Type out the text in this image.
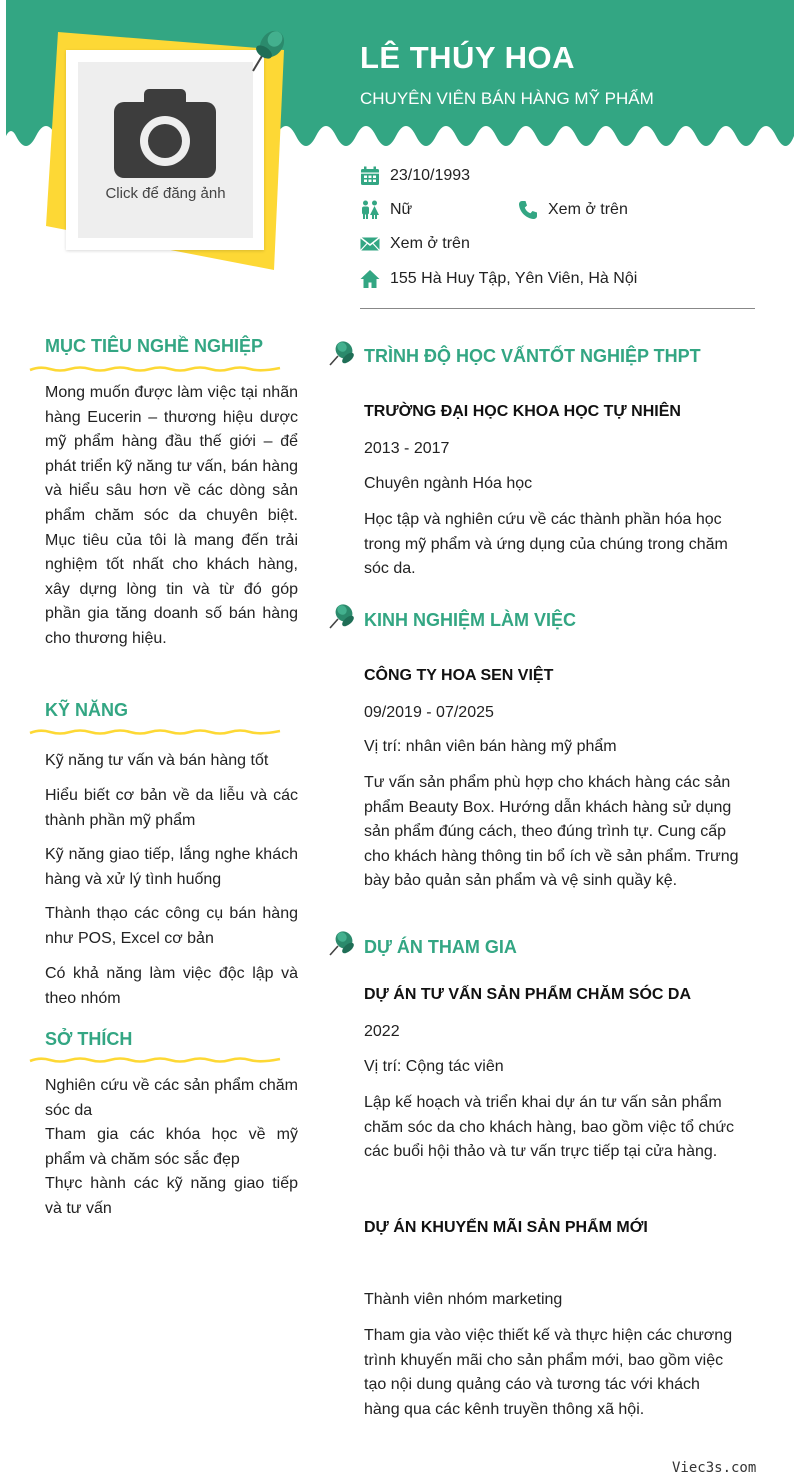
LÊ THÚY HOA
CHUYÊN VIÊN BÁN HÀNG MỸ PHẨM
Click để đăng ảnh
23/10/1993
Nữ	Xem ở trên
Xem ở trên
155 Hà Huy Tập, Yên Viên, Hà Nội
MỤC TIÊU NGHỀ NGHIỆP
Mong muốn được làm việc tại nhãn hàng Eucerin – thương hiệu dược mỹ phẩm hàng đầu thế giới – để phát triển kỹ năng tư vấn, bán hàng và hiểu sâu hơn về các dòng sản phẩm chăm sóc da chuyên biệt. Mục tiêu của tôi là mang đến trải nghiệm tốt nhất cho khách hàng, xây dựng lòng tin và từ đó góp phần gia tăng doanh số bán hàng cho thương hiệu.
KỸ NĂNG
Kỹ năng tư vấn và bán hàng tốt
Hiểu biết cơ bản về da liễu và các thành phần mỹ phẩm
Kỹ năng giao tiếp, lắng nghe khách hàng và xử lý tình huống
Thành thạo các công cụ bán hàng như POS, Excel cơ bản
Có khả năng làm việc độc lập và theo nhóm
SỞ THÍCH
Nghiên cứu về các sản phẩm chăm sóc da
Tham gia các khóa học về mỹ phẩm và chăm sóc sắc đẹp
Thực hành các kỹ năng giao tiếp và tư vấn
TRÌNH ĐỘ HỌC VẤNTỐT NGHIỆP THPT
TRƯỜNG ĐẠI HỌC KHOA HỌC TỰ NHIÊN
2013 - 2017
Chuyên ngành Hóa học
Học tập và nghiên cứu về các thành phần hóa học trong mỹ phẩm và ứng dụng của chúng trong chăm sóc da.
KINH NGHIỆM LÀM VIỆC
CÔNG TY HOA SEN VIỆT
09/2019 - 07/2025
Vị trí: nhân viên bán hàng mỹ phẩm
Tư vấn sản phẩm phù hợp cho khách hàng các sản phẩm Beauty Box. Hướng dẫn khách hàng sử dụng sản phẩm đúng cách, theo đúng trình tự. Cung cấp cho khách hàng thông tin bổ ích về sản phẩm. Trưng bày bảo quản sản phẩm và vệ sinh quầy kệ.
DỰ ÁN THAM GIA
DỰ ÁN TƯ VẤN SẢN PHẨM CHĂM SÓC DA
2022
Vị trí: Cộng tác viên
Lập kế hoạch và triển khai dự án tư vấn sản phẩm chăm sóc da cho khách hàng, bao gồm việc tổ chức các buổi hội thảo và tư vấn trực tiếp tại cửa hàng.
DỰ ÁN KHUYẾN MÃI SẢN PHẨM MỚI
Thành viên nhóm marketing
Tham gia vào việc thiết kế và thực hiện các chương trình khuyến mãi cho sản phẩm mới, bao gồm việc tạo nội dung quảng cáo và tương tác với khách hàng qua các kênh truyền thông xã hội.
Viec3s.com
